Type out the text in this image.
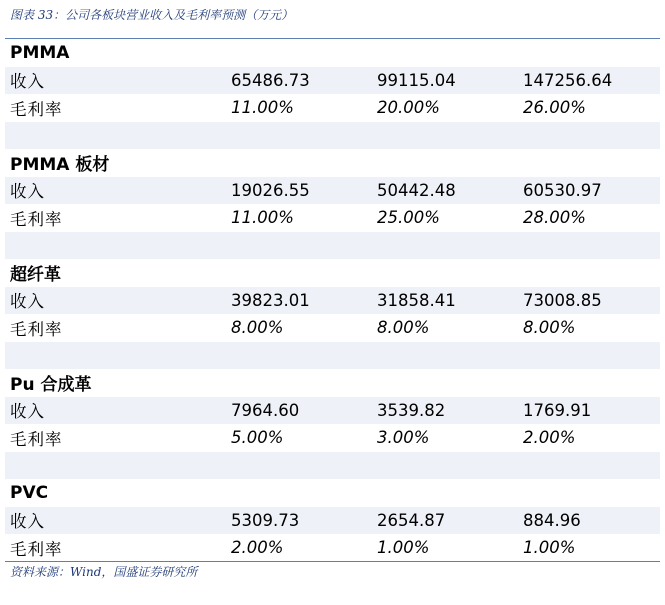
图表 33：公司各板块营业收入及毛利率预测（万元）
PMMA
收入	65486.73	99115.04	147256.64
毛利率	11.00%	20.00%	26.00%
PMMA 板材
收入	19026.55	50442.48	60530.97
毛利率	11.00%	25.00%	28.00%
超纤革
收入	39823.01	31858.41	73008.85
毛利率	8.00%	8.00%	8.00%
Pu 合成革
收入	7964.60	3539.82	1769.91
毛利率	5.00%	3.00%	2.00%
PVC
收入	5309.73	2654.87	884.96
毛利率	2.00%	1.00%	1.00%
资料来源：Wind，国盛证券研究所
